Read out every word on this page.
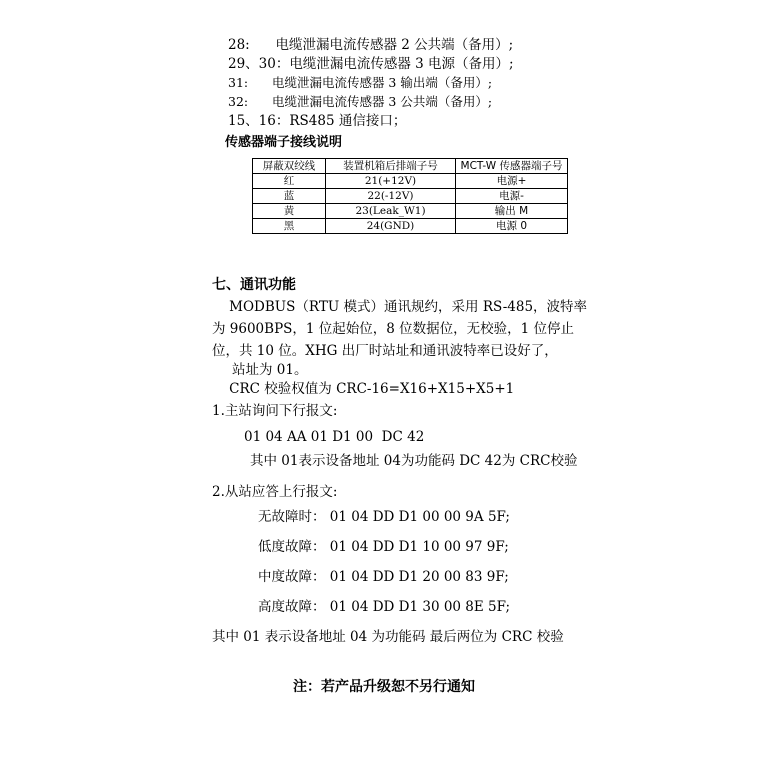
28:      电缆泄漏电流传感器 2 公共端（备用）;
29、30：电缆泄漏电流传感器 3 电源（备用）;
31:      电缆泄漏电流传感器 3 输出端（备用）;
32:      电缆泄漏电流传感器 3 公共端（备用）;
15、16：RS485 通信接口；
传感器端子接线说明
屏蔽双绞线	装置机箱后排端子号	MCT-W 传感器端子号
红	21(+12V)	电源+
蓝	22(-12V)	电源-
黄	23(Leak_W1)	输出 M
黑	24(GND)	电源 0
七、通讯功能
MODBUS（RTU 模式）通讯规约，采用 RS-485，波特率
为 9600BPS，1 位起始位，8 位数据位，无校验，1 位停止
位，共 10 位。XHG 出厂时站址和通讯波特率已设好了，
站址为 01。
CRC 校验权值为 CRC-16=X16+X15+X5+1
1.主站询问下行报文:
01 04 AA 01 D1 00  DC 42
其中 01表示设备地址 04为功能码 DC 42为 CRC校验
2.从站应答上行报文:
无故障时： 01 04 DD D1 00 00 9A 5F;
低度故障： 01 04 DD D1 10 00 97 9F;
中度故障： 01 04 DD D1 20 00 83 9F;
高度故障： 01 04 DD D1 30 00 8E 5F;
其中 01 表示设备地址 04 为功能码 最后两位为 CRC 校验
注：若产品升级恕不另行通知
